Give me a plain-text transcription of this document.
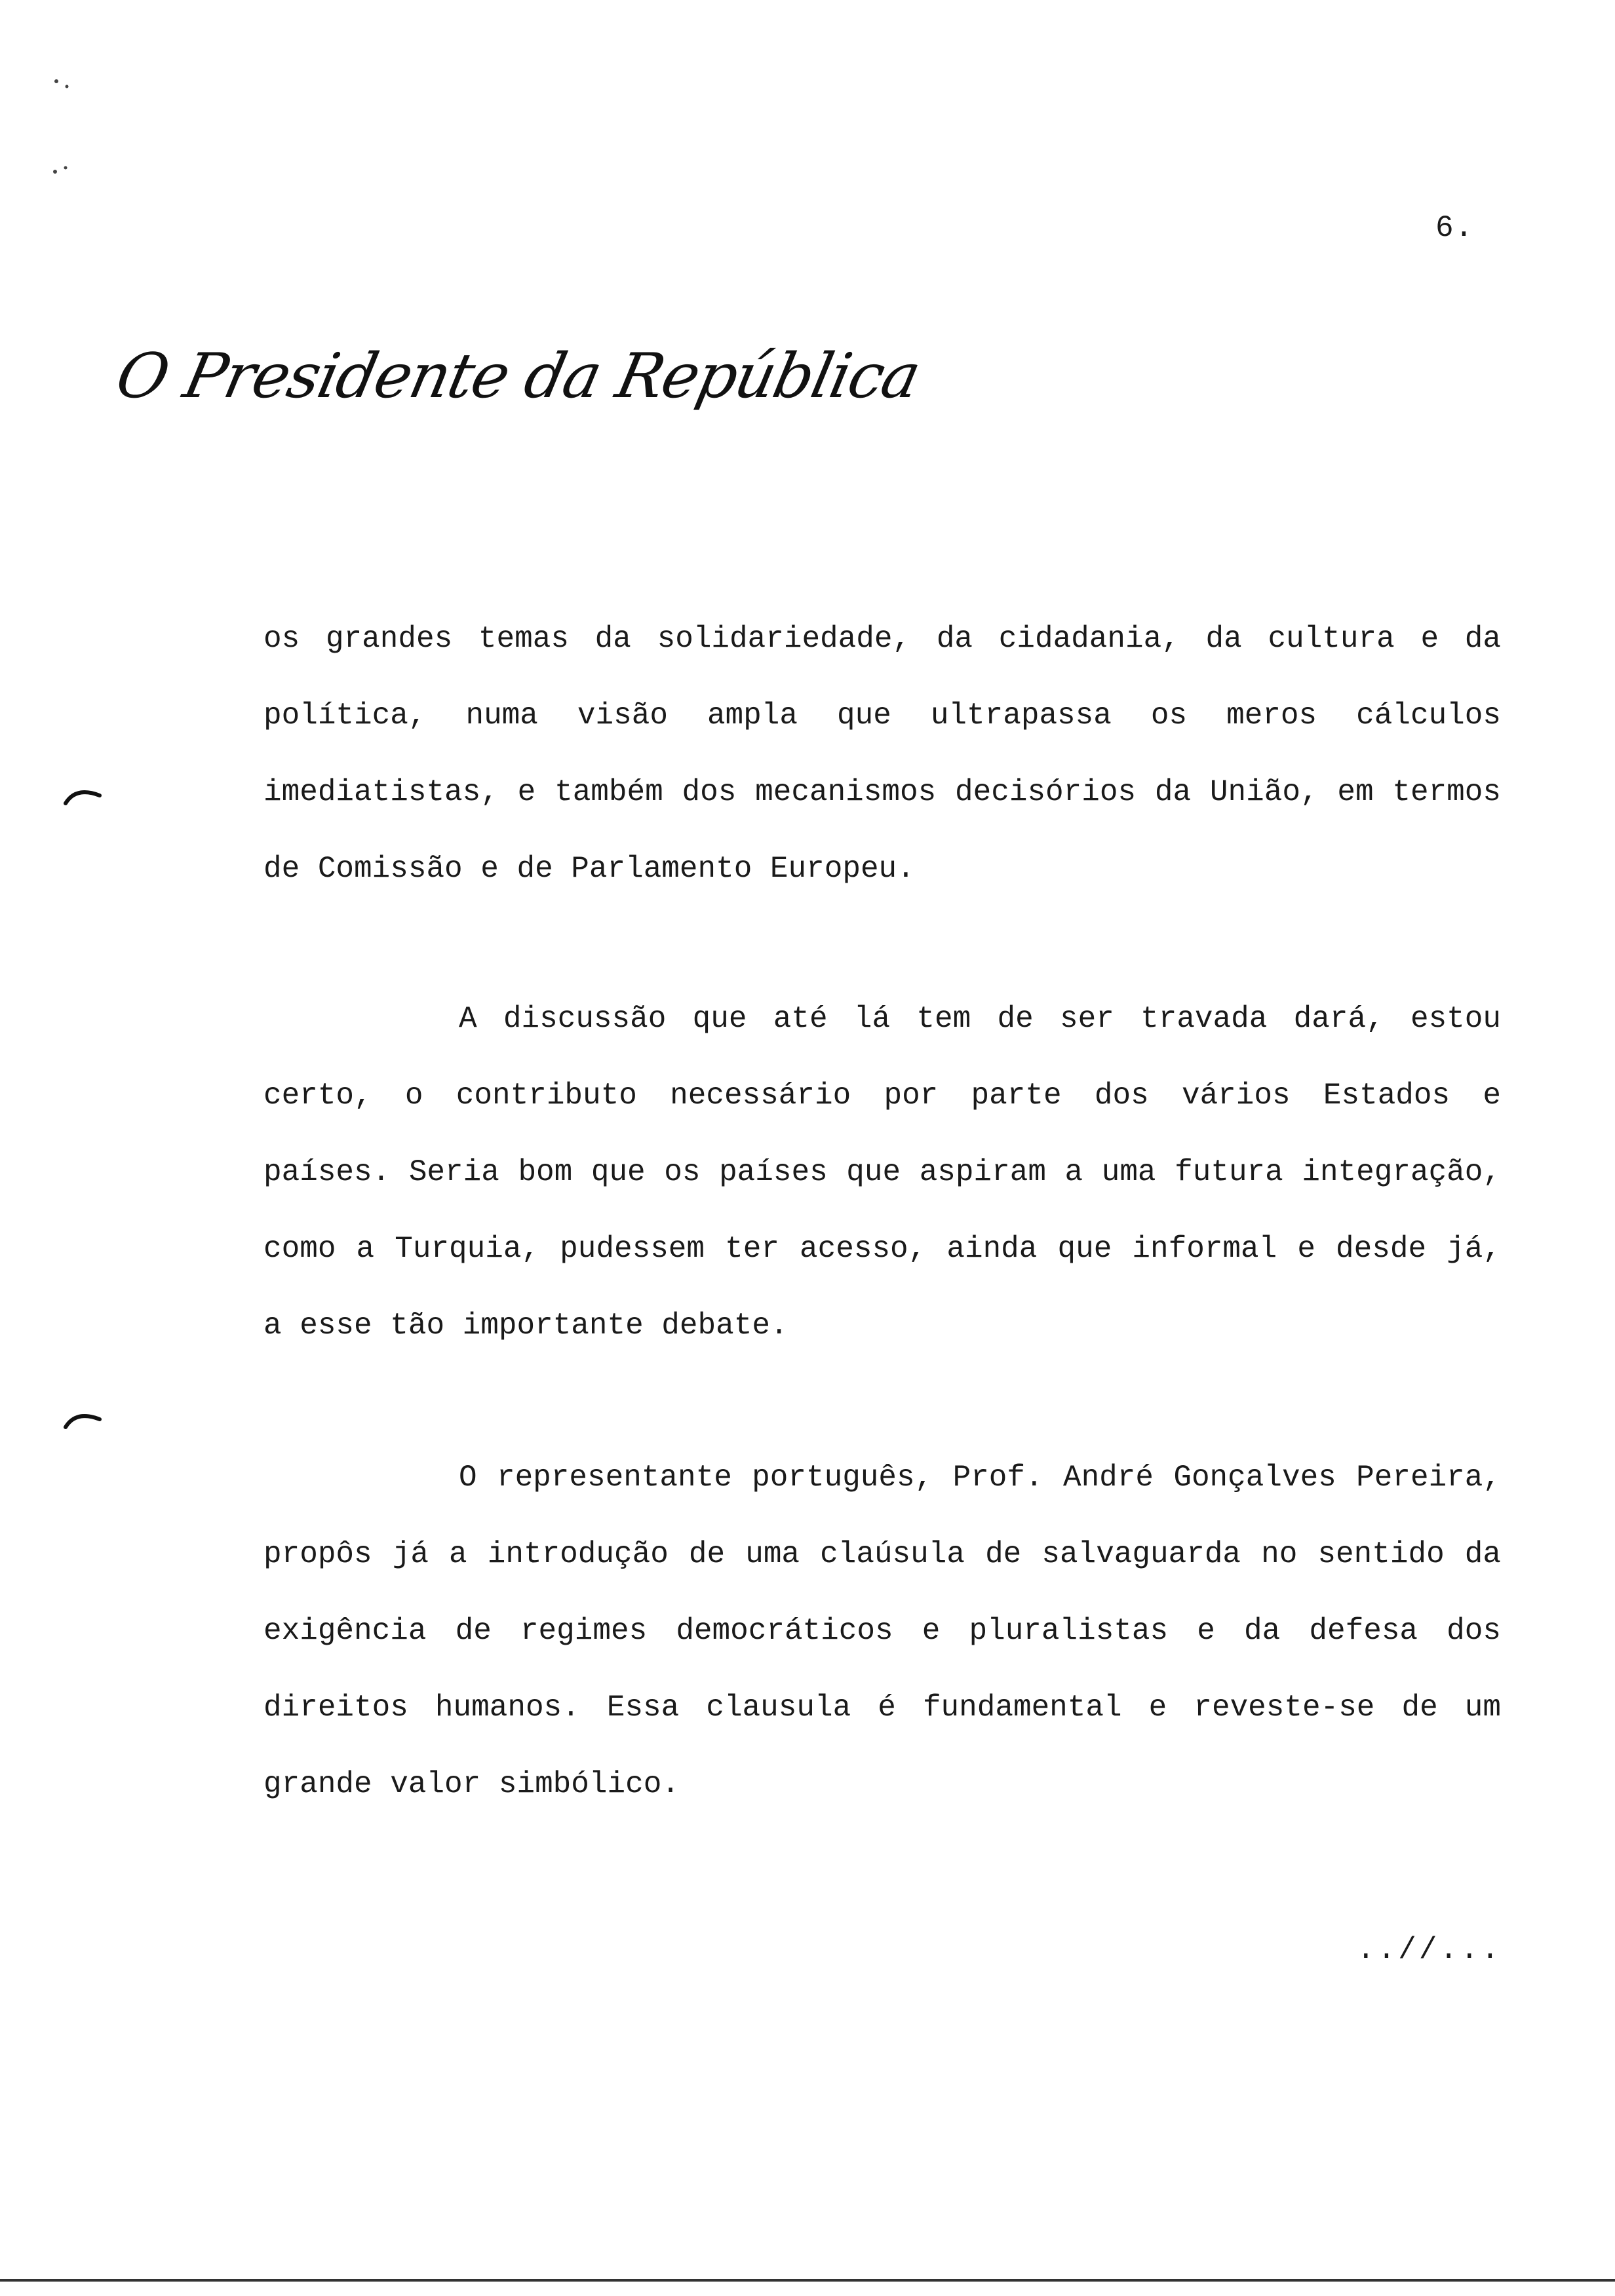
6.
O Presidente da República

os grandes temas da solidariedade, da cidadania, da cultura e da política, numa visão ampla que ultrapassa os meros cálculos imediatistas, e também dos mecanismos decisórios da União, em termos de Comissão e de Parlamento Europeu.

A discussão que até lá tem de ser travada dará, estou certo, o contributo necessário por parte dos vários Estados e países. Seria bom que os países que aspiram a uma futura integração, como a Turquia, pudessem ter acesso, ainda que informal e desde já, a esse tão importante debate.

O representante português, Prof. André Gonçalves Pereira, propôs já a introdução de uma claúsula de salvaguarda no sentido da exigência de regimes democráticos e pluralistas e da defesa dos direitos humanos. Essa clausula é fundamental e reveste-se de um grande valor simbólico.

..//...
